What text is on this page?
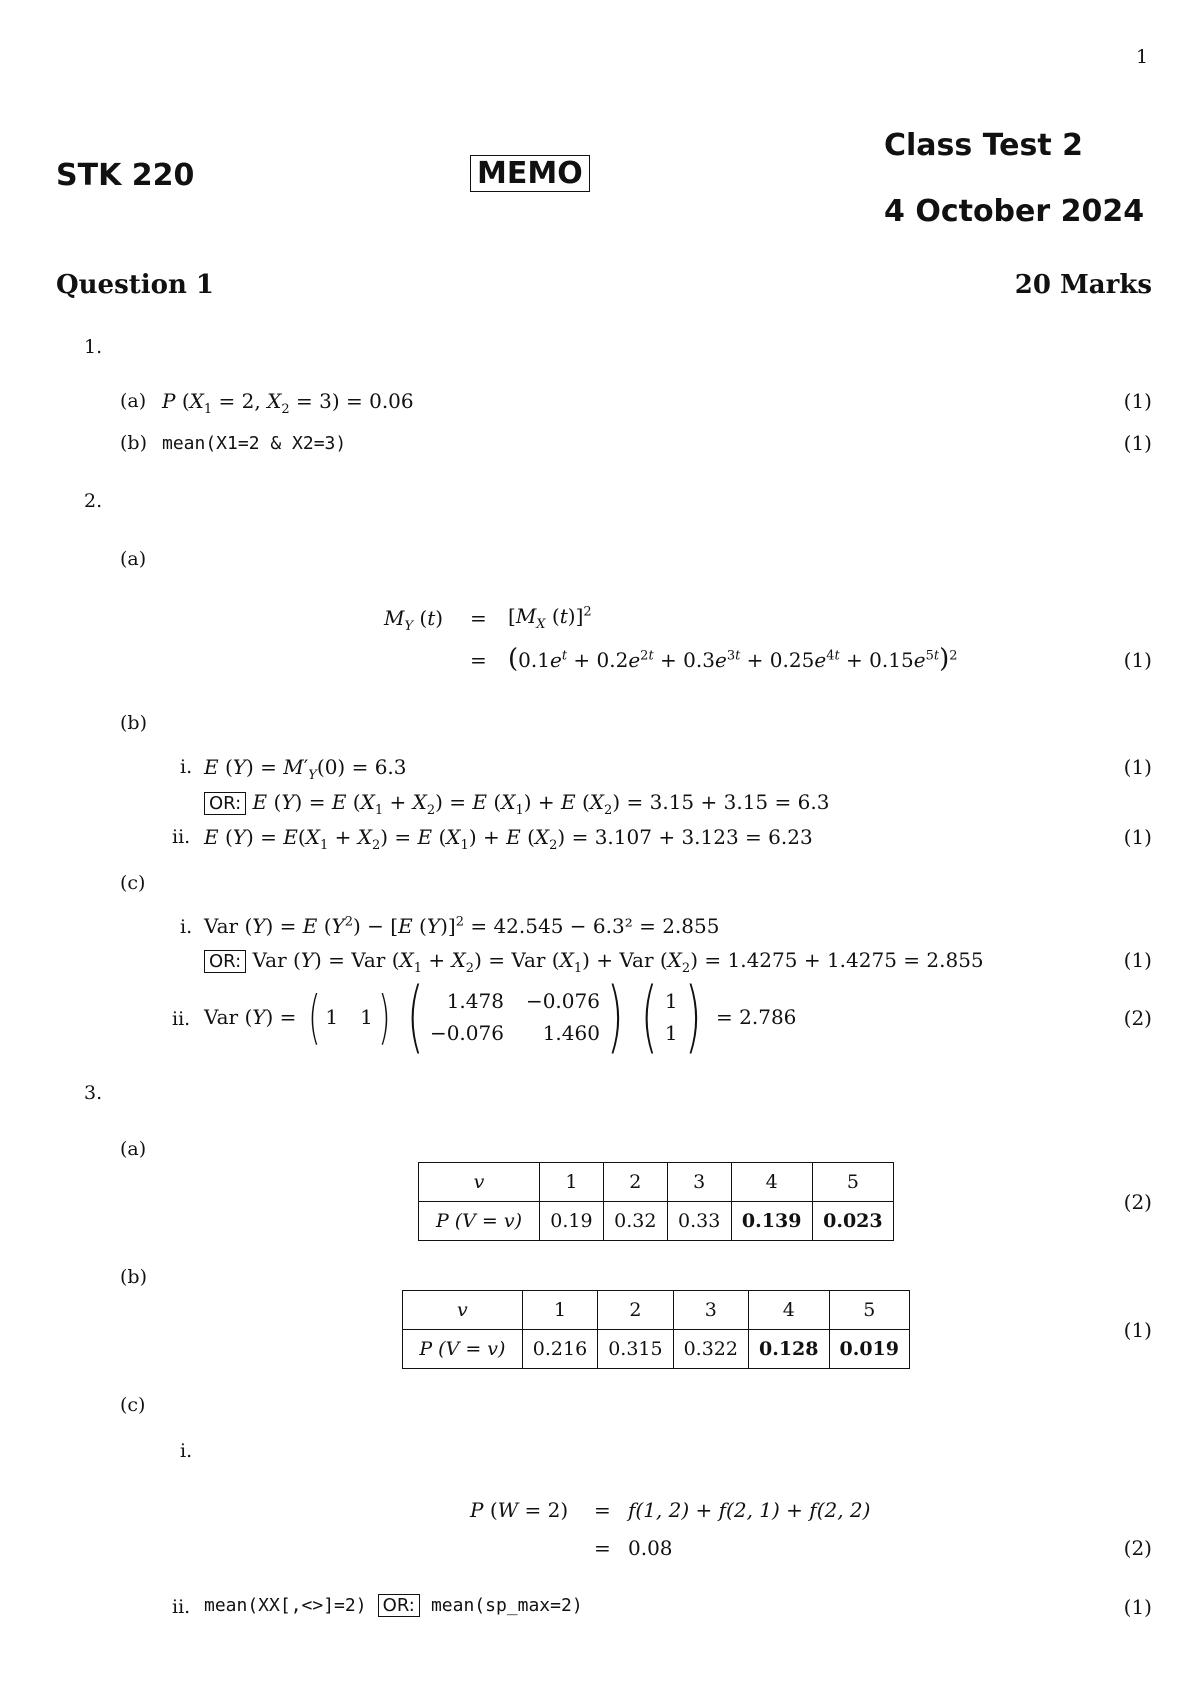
1
STK 220	MEMO
Class Test 2
4 October 2024
Question 1	20 Marks
1.
(a) P ($X_1 = 2$, $X_2 = 3) = 0.06$	(1)
(b) mean(X1=2 & X2=3)	(1)
2.
(a)
$M_Y$ $(t) = [M_X$ (t)]$^2$
= $(0.1e^t + 0.2e^{2t} + 0.3e^{3t} + 0.25e^{4t} + 0.15e^{5t})^2$	(1)
(b)
i. E $(Y) = M'_Y(0) = 6.3$	(1)
OR: E (Y) = E $(X_1 + X_2) = E$ $(X_1) + E$ $(X_2) = 3.15 + 3.15 = 6.3$
ii. E $(Y) = E(X_1 + X_2) = E$ $(X_1) + E$ $(X_2) = 3.107 + 3.123 = 6.23$	(1)
(c)
i. Var (Y) = E $(Y^2) - [E$ (Y)]$^2$ = 42.545 − 6.3² = 2.855
OR: Var (Y) = Var $(X_1 + X_2)$ = Var $(X_1)$ + Var $(X_2) = 1.4275 + 1.4275 = 2.855$	(1)
ii. Var (Y) = ( 1 1 ) (	1.478 −0.076
−0.076	1.460 ) ( 1
1 ) = 2.786	(2)
3.
(a)
v	1	2	3	4	5
P (V = v)	0.19	0.32	0.33	0.139	0.023
(2)
(b)
v	1	2	3	4	5
P (V = v)	0.216	0.315	0.322	0.128	0.019
(1)
(c)
i.
P (W = 2) = f(1, 2) + f(2, 1) + f(2, 2)
= 0.08	(2)
ii. mean(XX[,<>]=2) OR: mean(sp_max=2)	(1)
